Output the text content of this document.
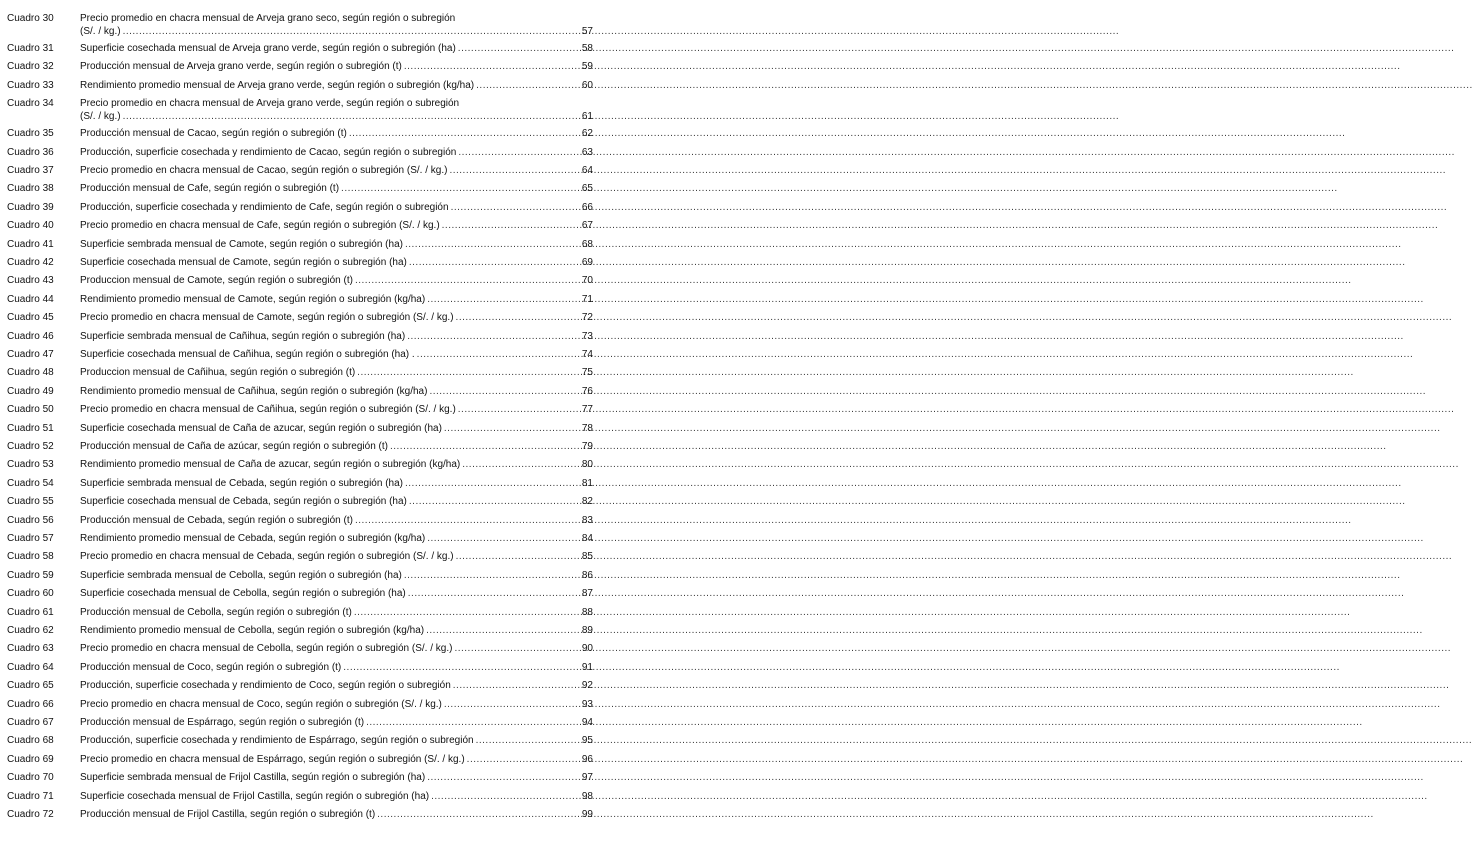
Cuadro 30	Precio promedio en chacra mensual de Arveja grano seco, según región o subregión
(S/. / kg.) .....	57
Cuadro 31	Superficie cosechada mensual de Arveja grano verde, según región o subregión (ha) .....	58
Cuadro 32	Producción mensual de Arveja grano verde, según región o subregión (t) .....	59
Cuadro 33	Rendimiento promedio mensual de Arveja grano verde, según región o subregión (kg/ha) .....	60
Cuadro 34	Precio promedio en chacra mensual de Arveja grano verde, según región o subregión
(S/. / kg.) .....	61
Cuadro 35	Producción mensual de Cacao, según región o subregión (t) .....	62
Cuadro 36	Producción, superficie cosechada y rendimiento de Cacao, según región o subregión .....	63
Cuadro 37	Precio promedio en chacra mensual de Cacao, según región o subregión (S/. / kg.) .....	64
Cuadro 38	Producción mensual de Cafe, según región o subregión (t) .....	65
Cuadro 39	Producción, superficie cosechada y rendimiento de Cafe, según región o subregión .....	66
Cuadro 40	Precio promedio en chacra mensual de Cafe, según región o subregión (S/. / kg.) .....	67
Cuadro 41	Superficie sembrada mensual de Camote, según región o subregión (ha) .....	68
Cuadro 42	Superficie cosechada mensual de Camote, según región o subregión (ha) .....	69
Cuadro 43	Produccion mensual de Camote, según región o subregión (t) .....	70
Cuadro 44	Rendimiento promedio mensual de Camote, según región o subregión (kg/ha) .....	71
Cuadro 45	Precio promedio en chacra mensual de Camote, según región o subregión (S/. / kg.) .....	72
Cuadro 46	Superficie sembrada mensual de Cañihua, según región o subregión (ha) .....	73
Cuadro 47	Superficie cosechada mensual de Cañihua, según región o subregión (ha) . .....	74
Cuadro 48	Produccion mensual de Cañihua, según región o subregión (t) .....	75
Cuadro 49	Rendimiento promedio mensual de Cañihua, según región o subregión (kg/ha) .....	76
Cuadro 50	Precio promedio en chacra mensual de Cañihua, según región o subregión (S/. / kg.) .....	77
Cuadro 51	Superficie cosechada mensual de Caña de azucar, según región o subregión (ha) .....	78
Cuadro 52	Producción mensual de Caña de azúcar, según región o subregión (t) .....	79
Cuadro 53	Rendimiento promedio mensual de Caña de azucar, según región o subregión (kg/ha) .....	80
Cuadro 54	Superficie sembrada mensual de Cebada, según región o subregión (ha) .....	81
Cuadro 55	Superficie cosechada mensual de Cebada, según región o subregión (ha) .....	82
Cuadro 56	Producción mensual de Cebada, según región o subregión (t) .....	83
Cuadro 57	Rendimiento promedio mensual de Cebada, según región o subregión (kg/ha) .....	84
Cuadro 58	Precio promedio en chacra mensual de Cebada, según región o subregión (S/. / kg.) .....	85
Cuadro 59	Superficie sembrada mensual de Cebolla, según región o subregión (ha) .....	86
Cuadro 60	Superficie cosechada mensual de Cebolla, según región o subregión (ha) .....	87
Cuadro 61	Producción mensual de Cebolla, según región o subregión (t) .....	88
Cuadro 62	Rendimiento promedio mensual de Cebolla, según región o subregión (kg/ha) .....	89
Cuadro 63	Precio promedio en chacra mensual de Cebolla, según región o subregión (S/. / kg.) .....	90
Cuadro 64	Producción mensual de Coco, según región o subregión (t) .....	91
Cuadro 65	Producción, superficie cosechada y rendimiento de Coco, según región o subregión .....	92
Cuadro 66	Precio promedio en chacra mensual de Coco, según región o subregión (S/. / kg.) .....	93
Cuadro 67	Producción mensual de Espárrago, según región o subregión (t) .....	94
Cuadro 68	Producción, superficie cosechada y rendimiento de Espárrago, según región o subregión .....	95
Cuadro 69	Precio promedio en chacra mensual de Espárrago, según región o subregión (S/. / kg.) .....	96
Cuadro 70	Superficie sembrada mensual de Frijol Castilla, según región o subregión (ha) .....	97
Cuadro 71	Superficie cosechada mensual de Frijol Castilla, según región o subregión (ha) .....	98
Cuadro 72	Producción mensual de Frijol Castilla, según región o subregión (t) .....	99
